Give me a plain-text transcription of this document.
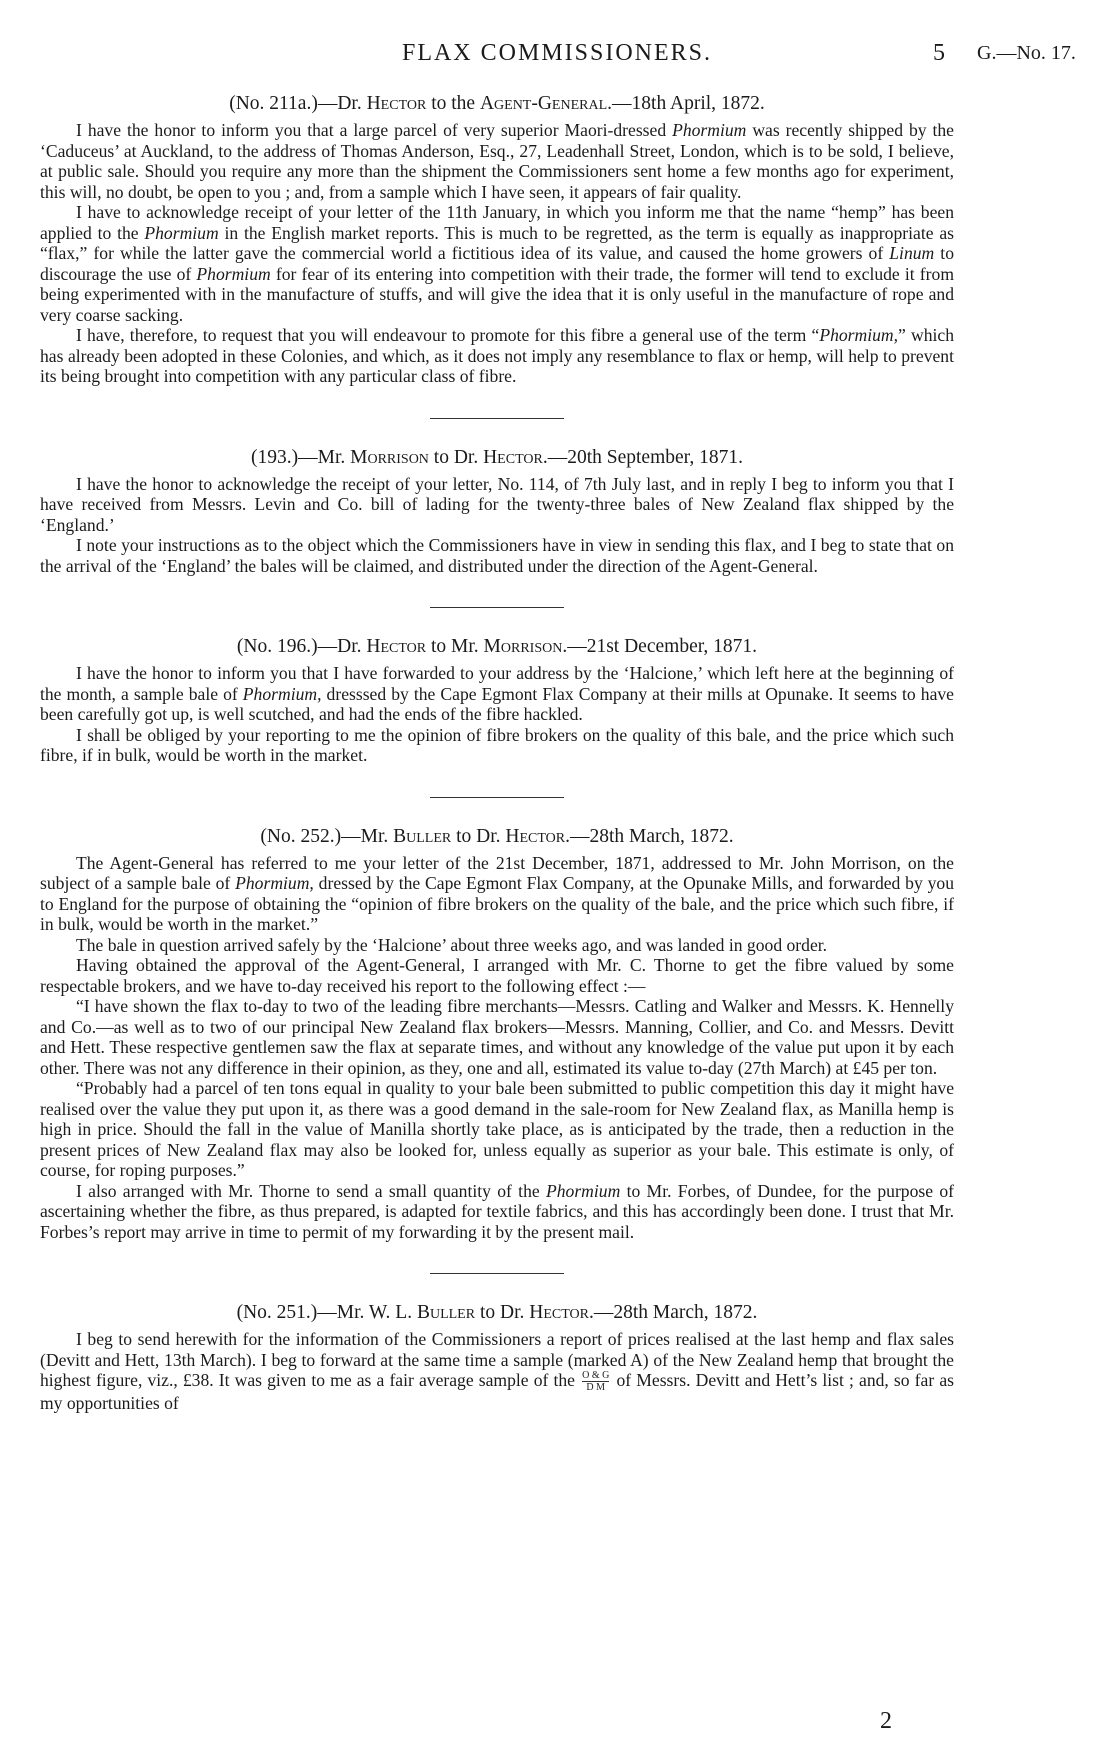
FLAX COMMISSIONERS.	5 G.—No. 17.
(No. 211a.)—Dr. Hector to the Agent-General.—18th April, 1872.

I have the honor to inform you that a large parcel of very superior Maori-dressed Phormium was recently shipped by the ‘Caduceus’ at Auckland, to the address of Thomas Anderson, Esq., 27, Leadenhall Street, London, which is to be sold, I believe, at public sale. Should you require any more than the shipment the Commissioners sent home a few months ago for experiment, this will, no doubt, be open to you ; and, from a sample which I have seen, it appears of fair quality.

I have to acknowledge receipt of your letter of the 11th January, in which you inform me that the name “hemp” has been applied to the Phormium in the English market reports. This is much to be regretted, as the term is equally as inappropriate as “flax,” for while the latter gave the commercial world a fictitious idea of its value, and caused the home growers of Linum to discourage the use of Phormium for fear of its entering into competition with their trade, the former will tend to exclude it from being experimented with in the manufacture of stuffs, and will give the idea that it is only useful in the manufacture of rope and very coarse sacking.

I have, therefore, to request that you will endeavour to promote for this fibre a general use of the term “Phormium,” which has already been adopted in these Colonies, and which, as it does not imply any resemblance to flax or hemp, will help to prevent its being brought into competition with any particular class of fibre.

(193.)—Mr. Morrison to Dr. Hector.—20th September, 1871.

I have the honor to acknowledge the receipt of your letter, No. 114, of 7th July last, and in reply I beg to inform you that I have received from Messrs. Levin and Co. bill of lading for the twenty-three bales of New Zealand flax shipped by the ‘England.’

I note your instructions as to the object which the Commissioners have in view in sending this flax, and I beg to state that on the arrival of the ‘England’ the bales will be claimed, and distributed under the direction of the Agent-General.

(No. 196.)—Dr. Hector to Mr. Morrison.—21st December, 1871.

I have the honor to inform you that I have forwarded to your address by the ‘Halcione,’ which left here at the beginning of the month, a sample bale of Phormium, dresssed by the Cape Egmont Flax Company at their mills at Opunake. It seems to have been carefully got up, is well scutched, and had the ends of the fibre hackled.

I shall be obliged by your reporting to me the opinion of fibre brokers on the quality of this bale, and the price which such fibre, if in bulk, would be worth in the market.

(No. 252.)—Mr. Buller to Dr. Hector.—28th March, 1872.

The Agent-General has referred to me your letter of the 21st December, 1871, addressed to Mr. John Morrison, on the subject of a sample bale of Phormium, dressed by the Cape Egmont Flax Company, at the Opunake Mills, and forwarded by you to England for the purpose of obtaining the “opinion of fibre brokers on the quality of the bale, and the price which such fibre, if in bulk, would be worth in the market.”

The bale in question arrived safely by the ‘Halcione’ about three weeks ago, and was landed in good order.

Having obtained the approval of the Agent-General, I arranged with Mr. C. Thorne to get the fibre valued by some respectable brokers, and we have to-day received his report to the following effect :—

“I have shown the flax to-day to two of the leading fibre merchants—Messrs. Catling and Walker and Messrs. K. Hennelly and Co.—as well as to two of our principal New Zealand flax brokers—Messrs. Manning, Collier, and Co. and Messrs. Devitt and Hett. These respective gentlemen saw the flax at separate times, and without any knowledge of the value put upon it by each other. There was not any difference in their opinion, as they, one and all, estimated its value to-day (27th March) at £45 per ton.

“Probably had a parcel of ten tons equal in quality to your bale been submitted to public competition this day it might have realised over the value they put upon it, as there was a good demand in the sale-room for New Zealand flax, as Manilla hemp is high in price. Should the fall in the value of Manilla shortly take place, as is anticipated by the trade, then a reduction in the present prices of New Zealand flax may also be looked for, unless equally as superior as your bale. This estimate is only, of course, for roping purposes.”

I also arranged with Mr. Thorne to send a small quantity of the Phormium to Mr. Forbes, of Dundee, for the purpose of ascertaining whether the fibre, as thus prepared, is adapted for textile fabrics, and this has accordingly been done. I trust that Mr. Forbes’s report may arrive in time to permit of my forwarding it by the present mail.

(No. 251.)—Mr. W. L. Buller to Dr. Hector.—28th March, 1872.

I beg to send herewith for the information of the Commissioners a report of prices realised at the last hemp and flax sales (Devitt and Hett, 13th March). I beg to forward at the same time a sample (marked A) of the New Zealand hemp that brought the highest figure, viz., £38. It was given to me as a fair average sample of the $\frac{O \& G}{\text{D M}}$ of Messrs. Devitt and Hett’s list ; and, so far as my opportunities of

2
